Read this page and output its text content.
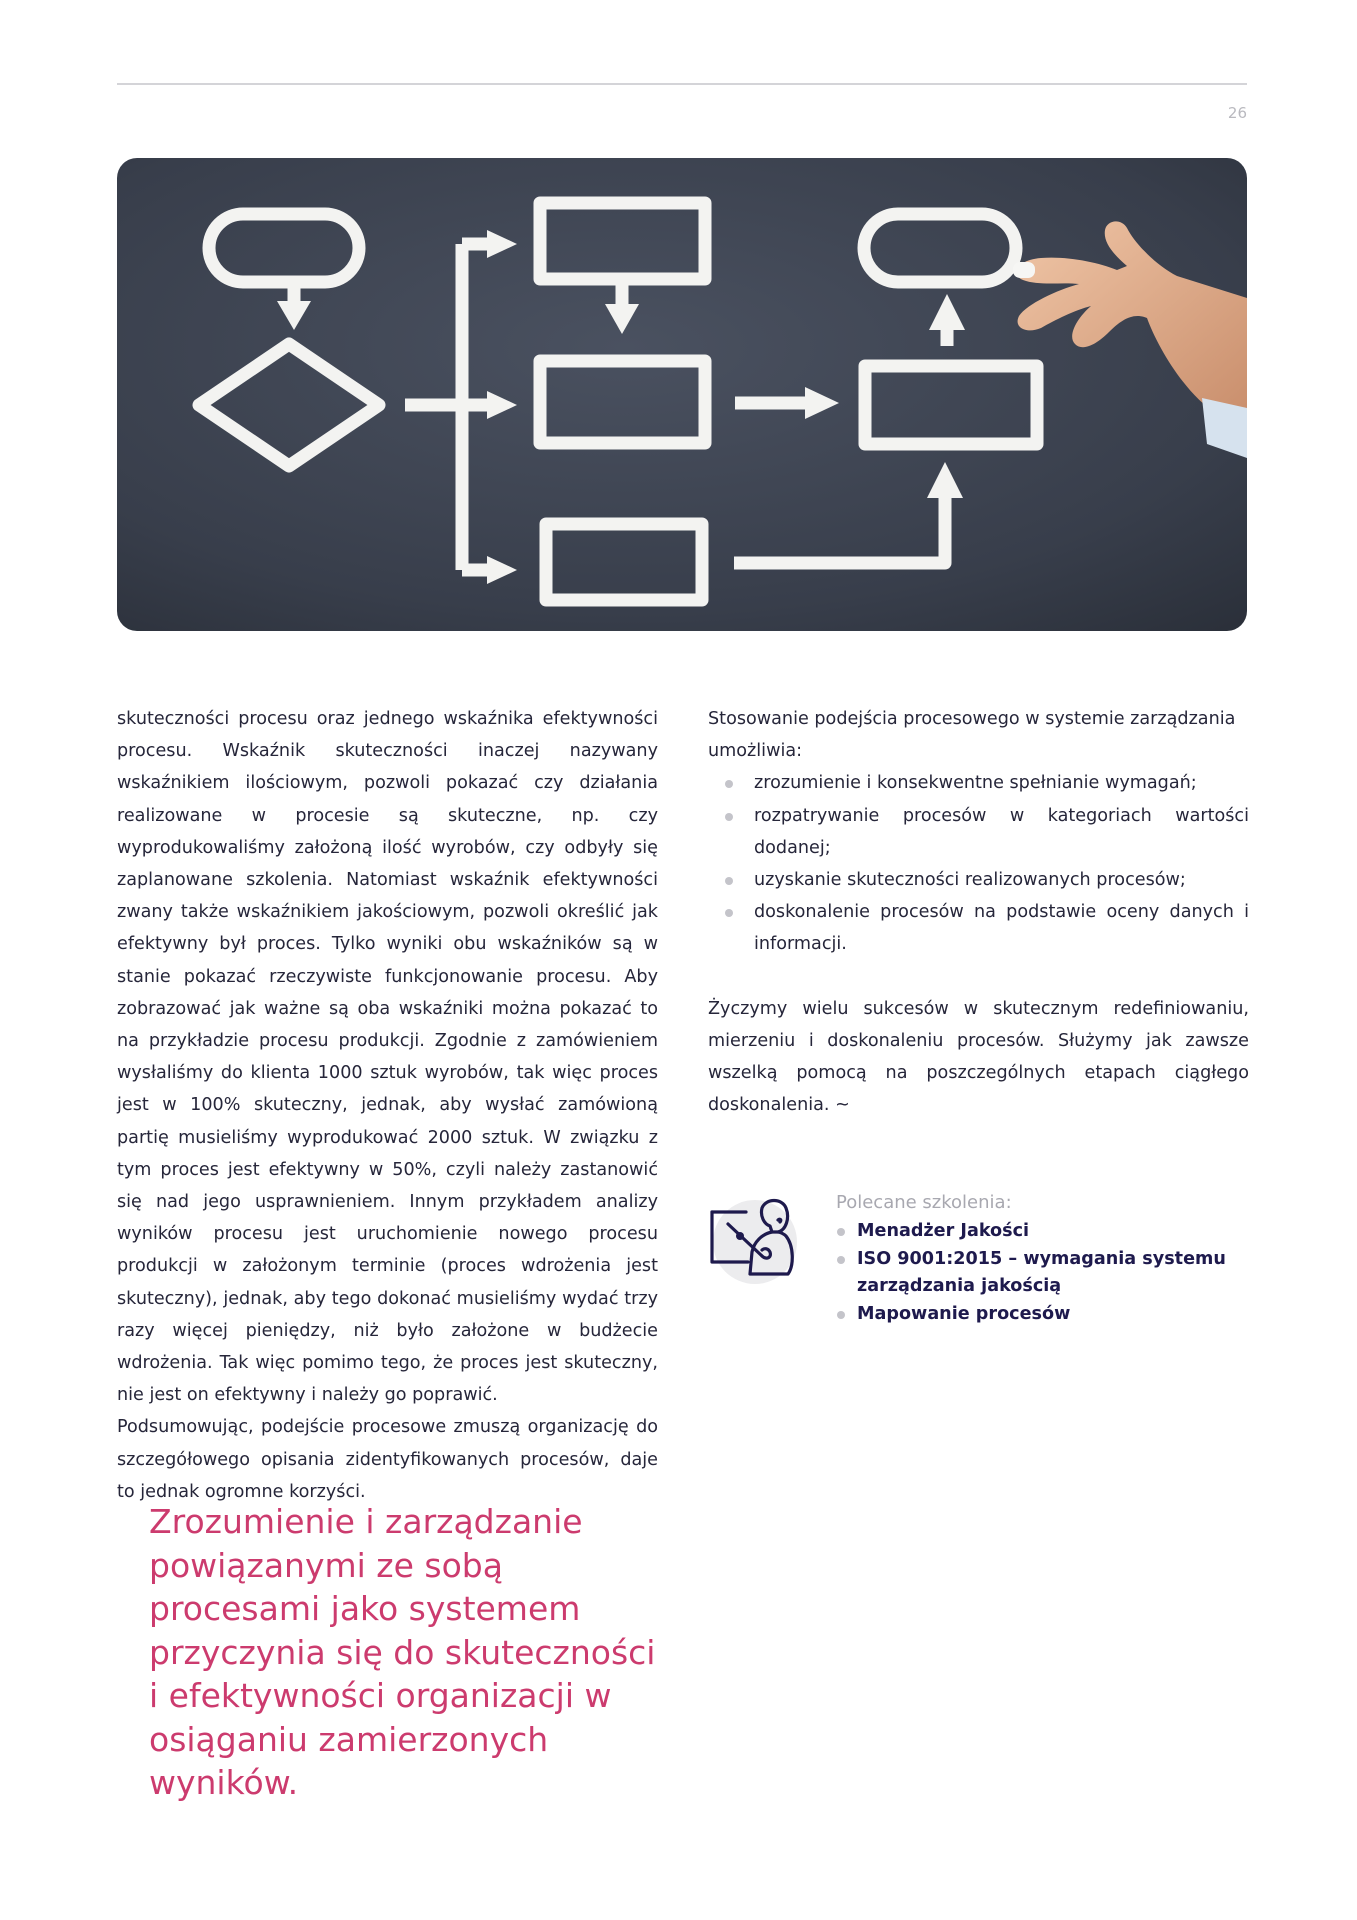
26

skuteczności procesu oraz jednego wskaźnika efektywności procesu. Wskaźnik skuteczności inaczej nazywany wskaźnikiem ilościowym, pozwoli pokazać czy działania realizowane w procesie są skuteczne, np. czy wyprodukowaliśmy założoną ilość wyrobów, czy odbyły się zaplanowane szkolenia. Natomiast wskaźnik efektywności zwany także wskaźnikiem jakościowym, pozwoli określić jak efektywny był proces. Tylko wyniki obu wskaźników są w stanie pokazać rzeczywiste funkcjonowanie procesu. Aby zobrazować jak ważne są oba wskaźniki można pokazać to na przykładzie procesu produkcji. Zgodnie z zamówieniem wysłaliśmy do klienta 1000 sztuk wyrobów, tak więc proces jest w 100% skuteczny, jednak, aby wysłać zamówioną partię musieliśmy wyprodukować 2000 sztuk. W związku z tym proces jest efektywny w 50%, czyli należy zastanowić się nad jego usprawnieniem. Innym przykładem analizy wyników procesu jest uruchomienie nowego procesu produkcji w założonym terminie (proces wdrożenia jest skuteczny), jednak, aby tego dokonać musieliśmy wydać trzy razy więcej pieniędzy, niż było założone w budżecie wdrożenia. Tak więc pomimo tego, że proces jest skuteczny, nie jest on efektywny i należy go poprawić.

Podsumowując, podejście procesowe zmuszą organizację do szczegółowego opisania zidentyfikowanych procesów, daje to jednak ogromne korzyści.

Stosowanie podejścia procesowego w systemie zarządzania umożliwia:

zrozumienie i konsekwentne spełnianie wymagań;
rozpatrywanie procesów w kategoriach wartości dodanej;
uzyskanie skuteczności realizowanych procesów;
doskonalenie procesów na podstawie oceny danych i informacji.

Życzymy wielu sukcesów w skutecznym redefiniowaniu, mierzeniu i doskonaleniu procesów. Służymy jak zawsze wszelką pomocą na poszczególnych etapach ciągłego doskonalenia. ~

Polecane szkolenia:
Menadżer Jakości
ISO 9001:2015 – wymagania systemu zarządzania jakością
Mapowanie procesów

Zrozumienie i zarządzanie powiązanymi ze sobą procesami jako systemem przyczynia się do skuteczności i efektywności organizacji w osiąganiu zamierzonych wyników.
